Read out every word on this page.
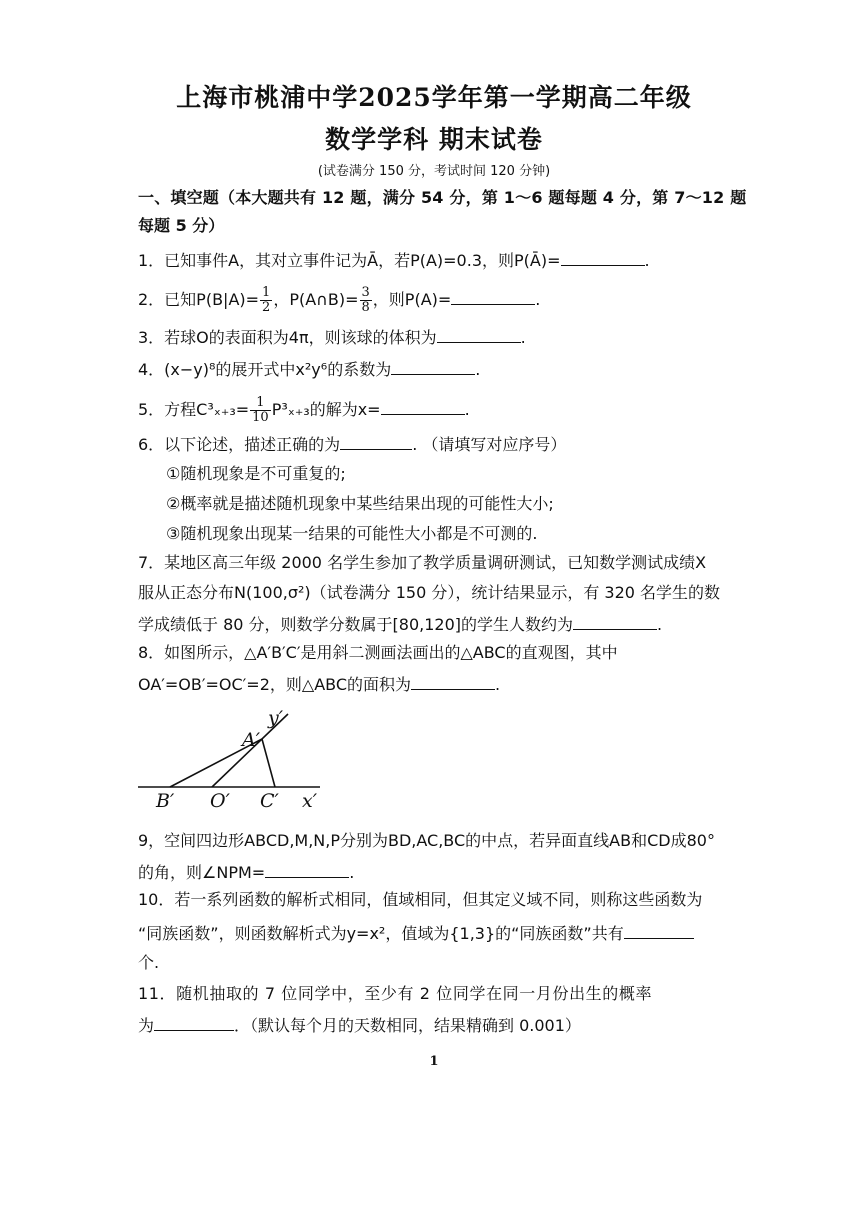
上海市桃浦中学2025学年第一学期高二年级
数学学科 期末试卷
(试卷满分 150 分，考试时间 120 分钟)
一、填空题（本大题共有 12 题，满分 54 分，第 1～6 题每题 4 分，第 7～12 题
每题 5 分）
1．已知事件A，其对立事件记为Ā，若P(A)=0.3，则P(Ā)=	.
2．已知$P(B|A)= \frac{1}{2}$ ，P(A∩B)= $\frac{3}{8}$ ，则P(A)=	.
3．若球O的表面积为4π，则该球的体积为	.
4．(x−y)⁸的展开式中x²y⁶的系数为	.
5．方程$C^3_{x+3}= \frac{1}{10} P^3_{x+3}$的解为x=	.
6．以下论述，描述正确的为	. （请填写对应序号）
①随机现象是不可重复的;
②概率就是描述随机现象中某些结果出现的可能性大小;
③随机现象出现某一结果的可能性大小都是不可测的.
7．某地区高三年级 2000 名学生参加了教学质量调研测试，已知数学测试成绩X
服从正态分布N(100,σ²)（试卷满分 150 分），统计结果显示，有 320 名学生的数
学成绩低于 80 分，则数学分数属于[80,120]的学生人数约为	.
8．如图所示，△A′B′C′是用斜二测画法画出的△ABC的直观图，其中
OA′=OB′=OC′=2，则△ABC的面积为	.
y′
A′
B′ O′ C′ x′
9，空间四边形ABCD,M,N,P分别为BD,AC,BC的中点，若异面直线AB和CD成80°
的角，则∠NPM=	.
10．若一系列函数的解析式相同，值域相同，但其定义域不同，则称这些函数为
“同族函数”，则函数解析式为y=x²，值域为{1,3}的“同族函数”共有
个.
11．随机抽取的 7 位同学中，至少有 2 位同学在同一月份出生的概率
为	．（默认每个月的天数相同，结果精确到 0.001）
1
